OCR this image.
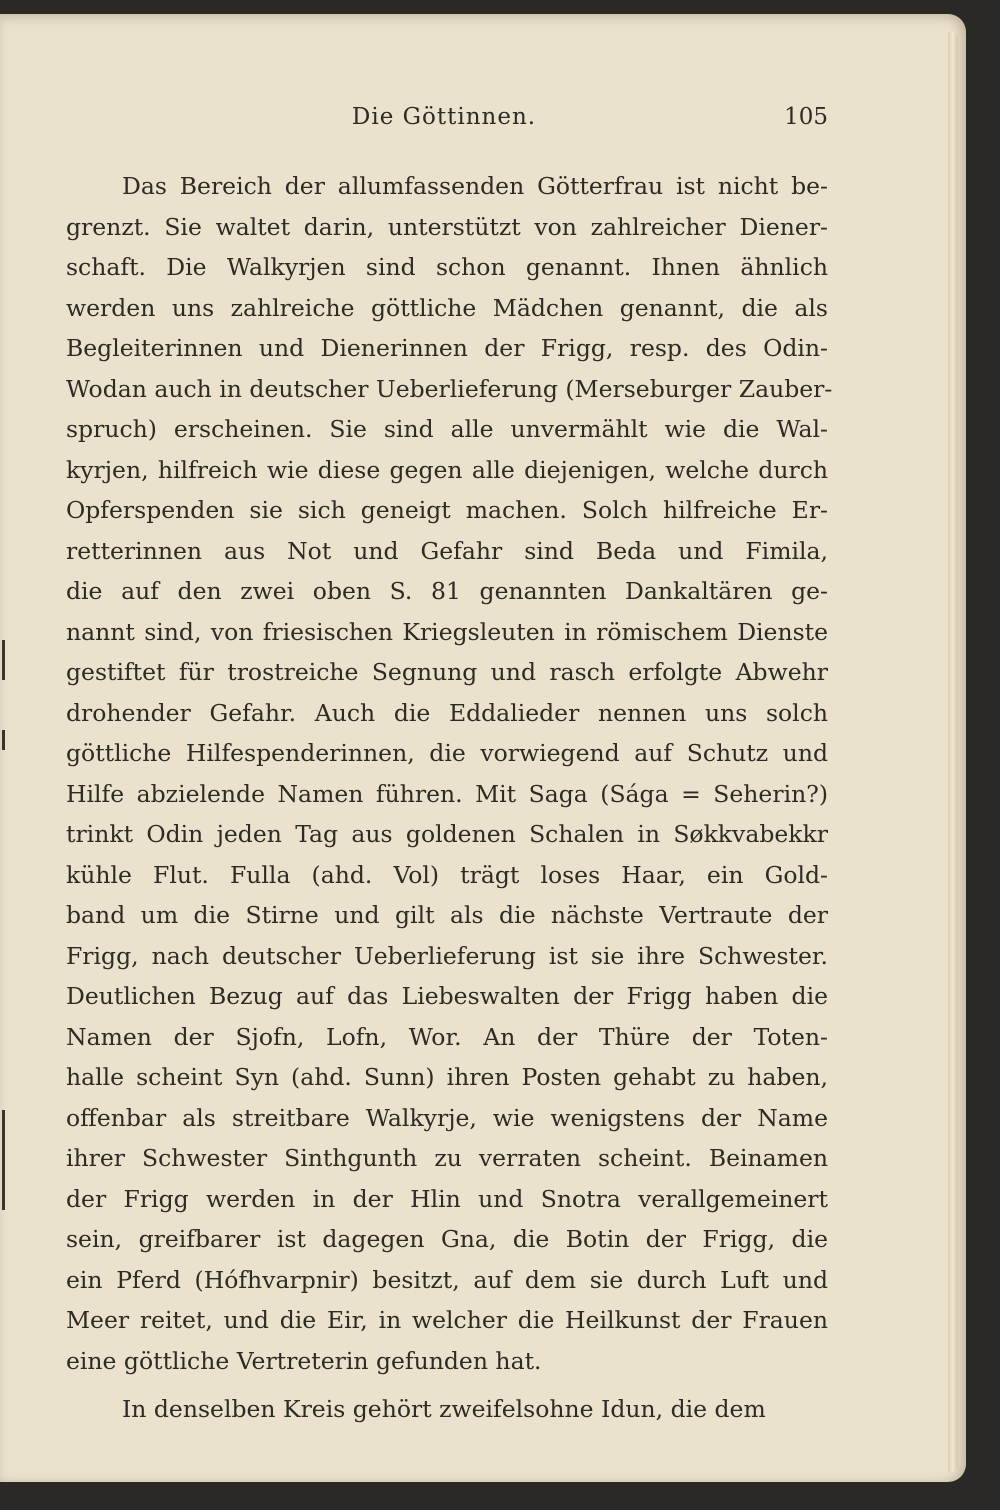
Die Göttinnen.	105

Das Bereich der allumfassenden Götterfrau ist nicht be-
grenzt. Sie waltet darin, unterstützt von zahlreicher Diener-
schaft. Die Walkyrjen sind schon genannt. Ihnen ähnlich
werden uns zahlreiche göttliche Mädchen genannt, die als
Begleiterinnen und Dienerinnen der Frigg, resp. des Odin-
Wodan auch in deutscher Ueberlieferung (Merseburger Zauber-
spruch) erscheinen. Sie sind alle unvermählt wie die Wal-
kyrjen, hilfreich wie diese gegen alle diejenigen, welche durch
Opferspenden sie sich geneigt machen. Solch hilfreiche Er-
retterinnen aus Not und Gefahr sind Beda und Fimila,
die auf den zwei oben S. 81 genannten Dankaltären ge-
nannt sind, von friesischen Kriegsleuten in römischem Dienste
gestiftet für trostreiche Segnung und rasch erfolgte Abwehr
drohender Gefahr. Auch die Eddalieder nennen uns solch
göttliche Hilfespenderinnen, die vorwiegend auf Schutz und
Hilfe abzielende Namen führen. Mit Saga (Sága = Seherin?)
trinkt Odin jeden Tag aus goldenen Schalen in Søkkvabekkr
kühle Flut. Fulla (ahd. Vol) trägt loses Haar, ein Gold-
band um die Stirne und gilt als die nächste Vertraute der
Frigg, nach deutscher Ueberlieferung ist sie ihre Schwester.
Deutlichen Bezug auf das Liebeswalten der Frigg haben die
Namen der Sjofn, Lofn, Wor. An der Thüre der Toten-
halle scheint Syn (ahd. Sunn) ihren Posten gehabt zu haben,
offenbar als streitbare Walkyrje, wie wenigstens der Name
ihrer Schwester Sinthgunth zu verraten scheint. Beinamen
der Frigg werden in der Hlin und Snotra verallgemeinert
sein, greifbarer ist dagegen Gna, die Botin der Frigg, die
ein Pferd (Hófhvarpnir) besitzt, auf dem sie durch Luft und
Meer reitet, und die Eir, in welcher die Heilkunst der Frauen
eine göttliche Vertreterin gefunden hat.

In denselben Kreis gehört zweifelsohne Idun, die dem
